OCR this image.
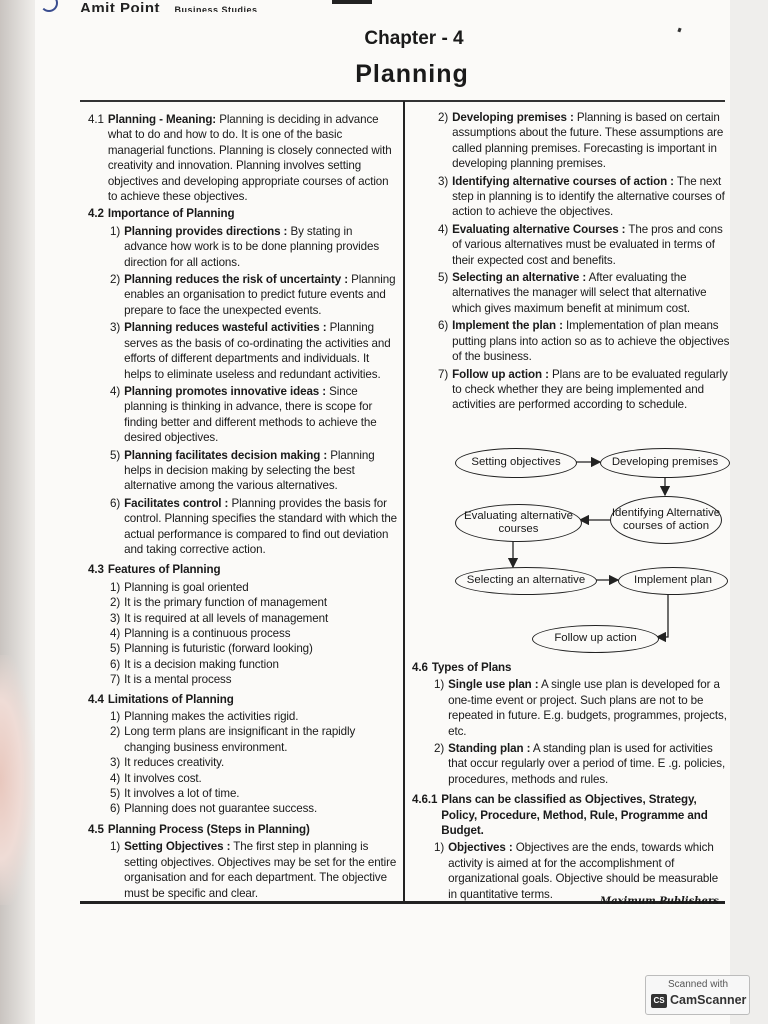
Amit Point Business Studies
Chapter - 4
Planning
4.1 Planning - Meaning: Planning is deciding in advance what to do and how to do. It is one of the basic managerial functions. Planning is closely connected with creativity and innovation. Planning involves setting objectives and developing appropriate courses of action to achieve these objectives.
4.2 Importance of Planning
1) Planning provides directions : By stating in advance how work is to be done planning provides direction for all actions.
2) Planning reduces the risk of uncertainty : Planning enables an organisation to predict future events and prepare to face the unexpected events.
3) Planning reduces wasteful activities : Planning serves as the basis of co-ordinating the activities and efforts of different departments and individuals. It helps to eliminate useless and redundant activities.
4) Planning promotes innovative ideas : Since planning is thinking in advance, there is scope for finding better and different methods to achieve the desired objectives.
5) Planning facilitates decision making : Planning helps in decision making by selecting the best alternative among the various alternatives.
6) Facilitates control : Planning provides the basis for control. Planning specifies the standard with which the actual performance is compared to find out deviation and taking corrective action.
4.3 Features of Planning
1) Planning is goal oriented
2) It is the primary function of management
3) It is required at all levels of management
4) Planning is a continuous process
5) Planning is futuristic (forward looking)
6) It is a decision making function
7) It is a mental process
4.4 Limitations of Planning
1) Planning makes the activities rigid.
2) Long term plans are insignificant in the rapidly changing business environment.
3) It reduces creativity.
4) It involves cost.
5) It involves a lot of time.
6) Planning does not guarantee success.
4.5 Planning Process (Steps in Planning)
1) Setting Objectives : The first step in planning is setting objectives. Objectives may be set for the entire organisation and for each department. The objective must be specific and clear.
2) Developing premises : Planning is based on certain assumptions about the future. These assumptions are called planning premises. Forecasting is important in developing planning premises.
3) Identifying alternative courses of action : The next step in planning is to identify the alternative courses of action to achieve the objectives.
4) Evaluating alternative Courses : The pros and cons of various alternatives must be evaluated in terms of their expected cost and benefits.
5) Selecting an alternative : After evaluating the alternatives the manager will select that alternative which gives maximum benefit at minimum cost.
6) Implement the plan : Implementation of plan means putting plans into action so as to achieve the objectives of the business.
7) Follow up action : Plans are to be evaluated regularly to check whether they are being implemented and activities are performed according to schedule.
Setting objectives	Developing premises
Identifying Alternative courses of action
Evaluating alternative courses
Selecting an alternative	Implement plan
Follow up action
4.6 Types of Plans
1) Single use plan : A single use plan is developed for a one-time event or project. Such plans are not to be repeated in future. E.g. budgets, programmes, projects, etc.
2) Standing plan : A standing plan is used for activities that occur regularly over a period of time. E .g. policies, procedures, methods and rules.
4.6.1 Plans can be classified as Objectives, Strategy, Policy, Procedure, Method, Rule, Programme and Budget.
1) Objectives : Objectives are the ends, towards which activity is aimed at for the accomplishment of organizational goals. Objective should be measurable in quantitative terms.
Maximum Publishers
Scanned with
CS CamScanner
